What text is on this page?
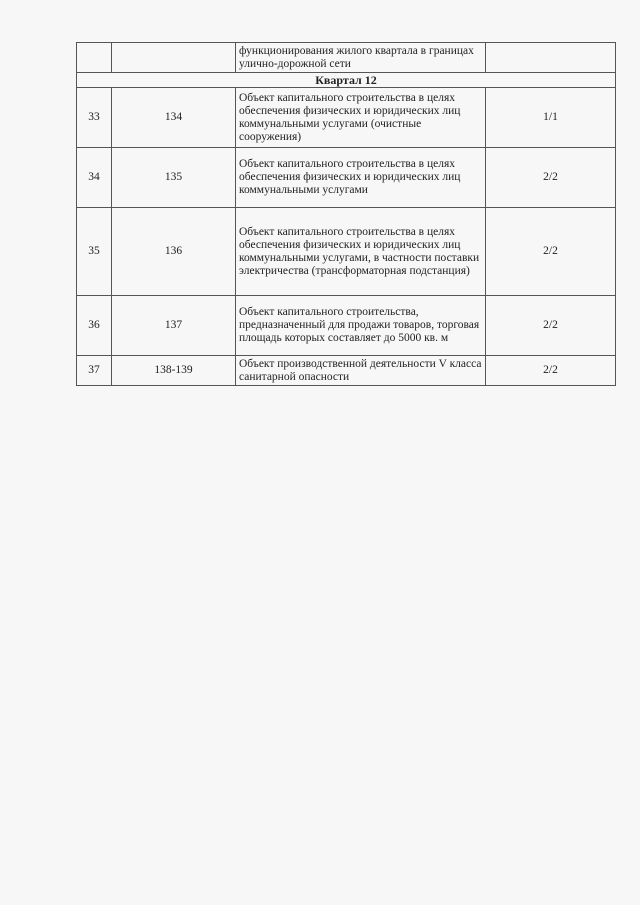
		функционирования жилого квартала в границах улично-дорожной сети	
Квартал 12			
33	134	Объект капитального строительства в целях обеспечения физических и юридических лиц коммунальными услугами (очистные сооружения)	1/1
34	135	Объект капитального строительства в целях обеспечения физических и юридических лиц коммунальными услугами	2/2
35	136	Объект капитального строительства в целях обеспечения физических и юридических лиц коммунальными услугами, в частности поставки электричества (трансформаторная подстанция)	2/2
36	137	Объект капитального строительства, предназначенный для продажи товаров, торговая площадь которых составляет до 5000 кв. м	2/2
37	138-139	Объект производственной деятельности V класса санитарной опасности	2/2
